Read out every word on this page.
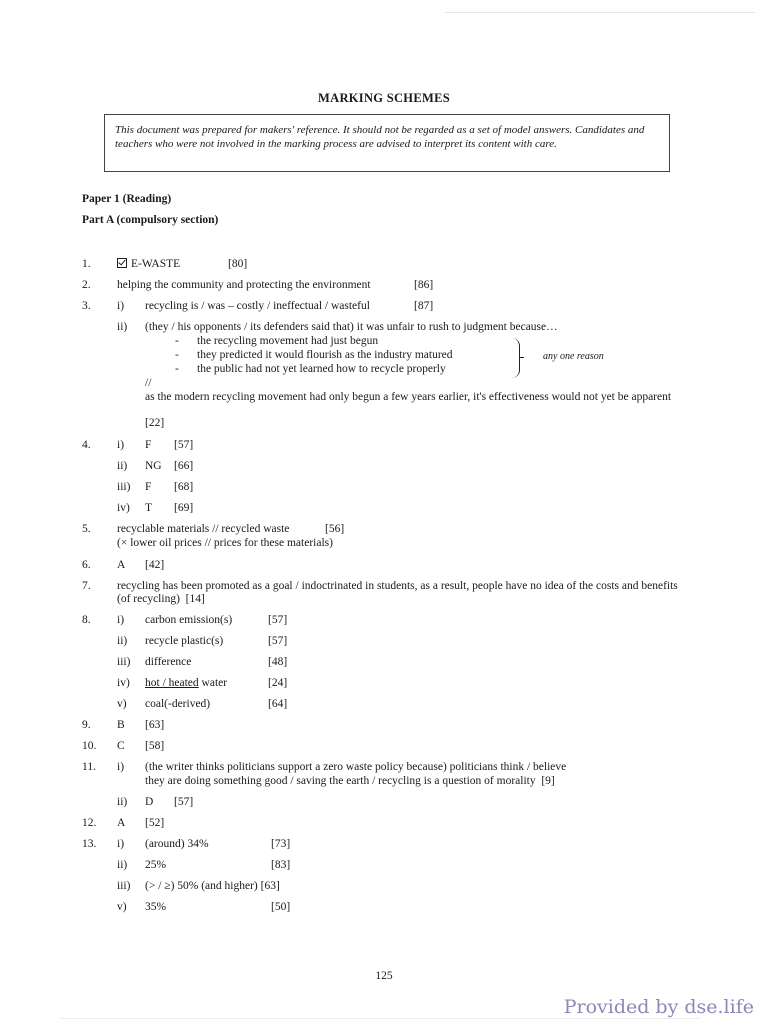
MARKING SCHEMES
This document was prepared for makers' reference. It should not be regarded as a set of model answers. Candidates and teachers who were not involved in the marking process are advised to interpret its content with care.
Paper 1 (Reading)
Part A (compulsory section)
1.	E-WASTE	[80]
2. helping the community and protecting the environment	[86]
3. i) recycling is / was – costly / ineffectual / wasteful	[87]
ii) (they / his opponents / its defenders said that) it was unfair to rush to judgment because…
- the recycling movement had just begun
- they predicted it would flourish as the industry matured
- the public had not yet learned how to recycle properly
any one reason
//
as the modern recycling movement had only begun a few years earlier, it's effectiveness would not yet be apparent
[22]
4. i) F [57]
ii) NG [66]
iii) F [68]
iv) T [69]
5. recyclable materials // recycled waste	[56]
(× lower oil prices // prices for these materials)
6. A [42]
7. recycling has been promoted as a goal / indoctrinated in students, as a result, people have no idea of the costs and benefits (of recycling) [14]
8. i) carbon emission(s)	[57]
ii) recycle plastic(s)	[57]
iii) difference	[48]
iv) hot / heated water	[24]
v) coal(-derived)	[64]
9. B [63]
10. C [58]
11. i) (the writer thinks politicians support a zero waste policy because) politicians think / believe
they are doing something good / saving the earth / recycling is a question of morality [9]
ii) D [57]
12. A [52]
13. i) (around) 34%	[73]
ii) 25%	[83]
iii) (> / ≥) 50% (and higher) [63]
v) 35%	[50]
125
Provided by dse.life
